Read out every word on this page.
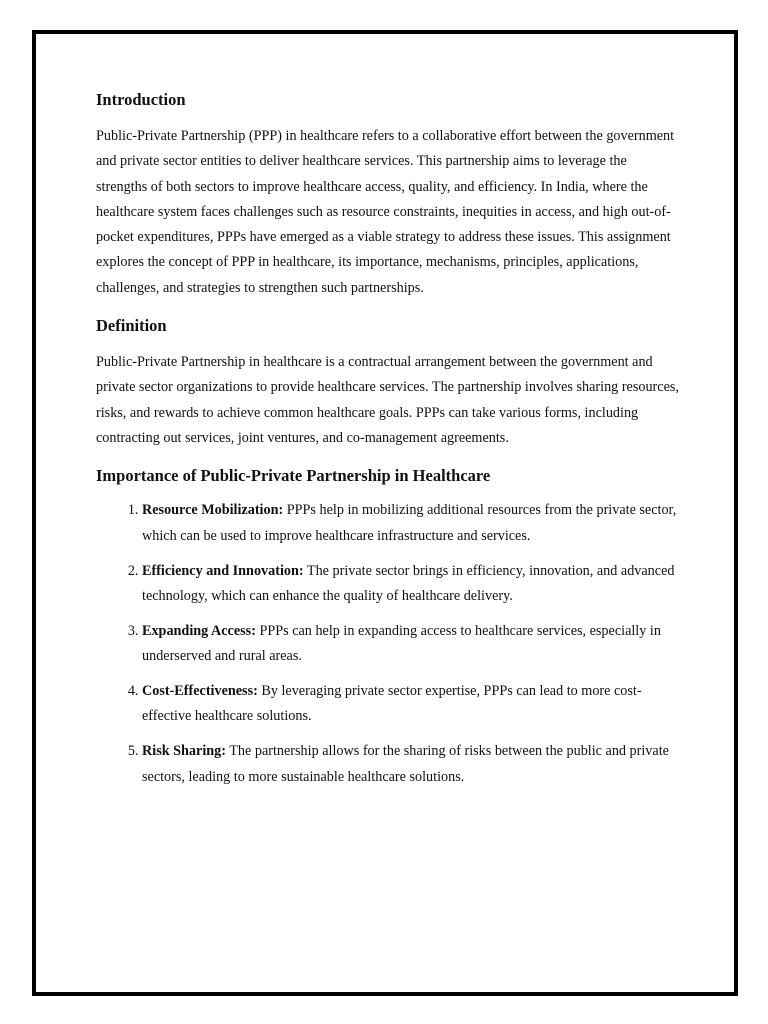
Introduction

Public-Private Partnership (PPP) in healthcare refers to a collaborative effort between the government and private sector entities to deliver healthcare services. This partnership aims to leverage the strengths of both sectors to improve healthcare access, quality, and efficiency. In India, where the healthcare system faces challenges such as resource constraints, inequities in access, and high out-of-pocket expenditures, PPPs have emerged as a viable strategy to address these issues. This assignment explores the concept of PPP in healthcare, its importance, mechanisms, principles, applications, challenges, and strategies to strengthen such partnerships.

Definition

Public-Private Partnership in healthcare is a contractual arrangement between the government and private sector organizations to provide healthcare services. The partnership involves sharing resources, risks, and rewards to achieve common healthcare goals. PPPs can take various forms, including contracting out services, joint ventures, and co-management agreements.

Importance of Public-Private Partnership in Healthcare
1. Resource Mobilization: PPPs help in mobilizing additional resources from the private sector, which can be used to improve healthcare infrastructure and services.
2. Efficiency and Innovation: The private sector brings in efficiency, innovation, and advanced technology, which can enhance the quality of healthcare delivery.
3. Expanding Access: PPPs can help in expanding access to healthcare services, especially in underserved and rural areas.
4. Cost-Effectiveness: By leveraging private sector expertise, PPPs can lead to more cost-effective healthcare solutions.
5. Risk Sharing: The partnership allows for the sharing of risks between the public and private sectors, leading to more sustainable healthcare solutions.
